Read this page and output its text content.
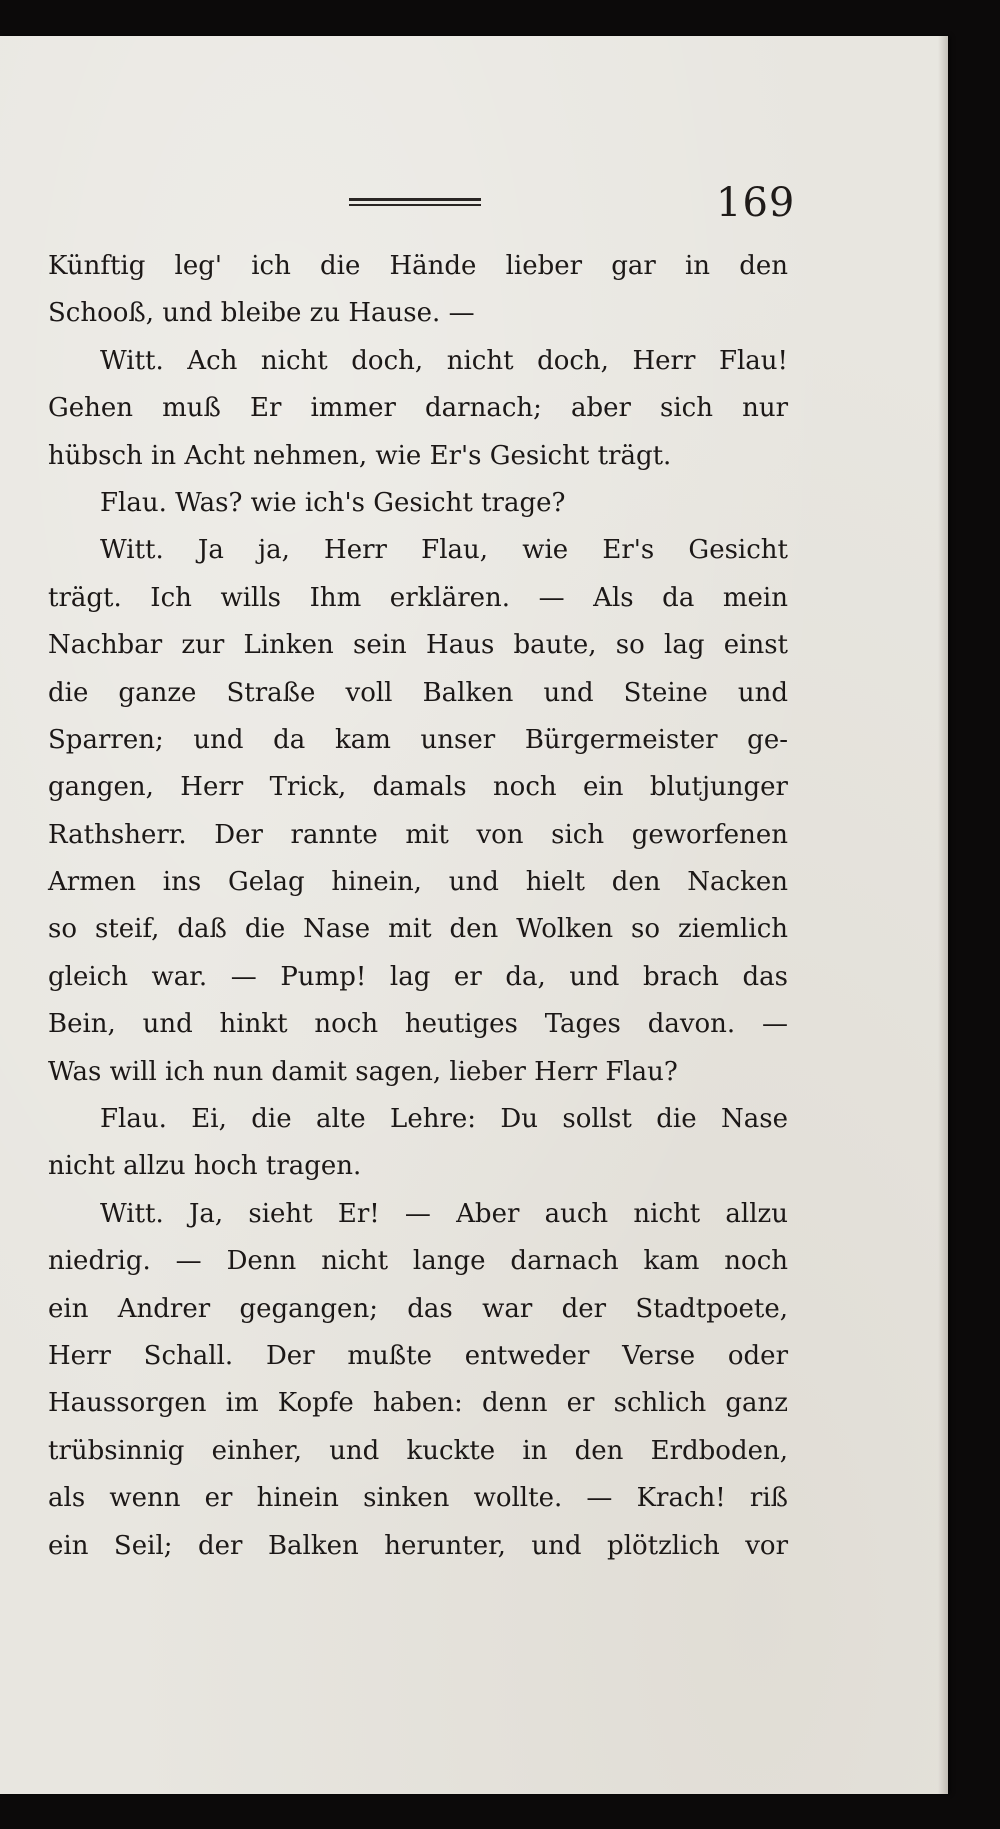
169
Künftig leg' ich die Hände lieber gar in den
Schooß, und bleibe zu Hause. —
Witt. Ach nicht doch, nicht doch, Herr Flau!
Gehen muß Er immer darnach; aber sich nur
hübsch in Acht nehmen, wie Er's Gesicht trägt.
Flau. Was? wie ich's Gesicht trage?
Witt. Ja ja, Herr Flau, wie Er's Gesicht
trägt. Ich wills Ihm erklären. — Als da mein
Nachbar zur Linken sein Haus baute, so lag einst
die ganze Straße voll Balken und Steine und
Sparren; und da kam unser Bürgermeister ge-
gangen, Herr Trick, damals noch ein blutjunger
Rathsherr. Der rannte mit von sich geworfenen
Armen ins Gelag hinein, und hielt den Nacken
so steif, daß die Nase mit den Wolken so ziemlich
gleich war. — Pump! lag er da, und brach das
Bein, und hinkt noch heutiges Tages davon. —
Was will ich nun damit sagen, lieber Herr Flau?
Flau. Ei, die alte Lehre: Du sollst die Nase
nicht allzu hoch tragen.
Witt. Ja, sieht Er! — Aber auch nicht allzu
niedrig. — Denn nicht lange darnach kam noch
ein Andrer gegangen; das war der Stadtpoete,
Herr Schall. Der mußte entweder Verse oder
Haussorgen im Kopfe haben: denn er schlich ganz
trübsinnig einher, und kuckte in den Erdboden,
als wenn er hinein sinken wollte. — Krach! riß
ein Seil; der Balken herunter, und plötzlich vor
